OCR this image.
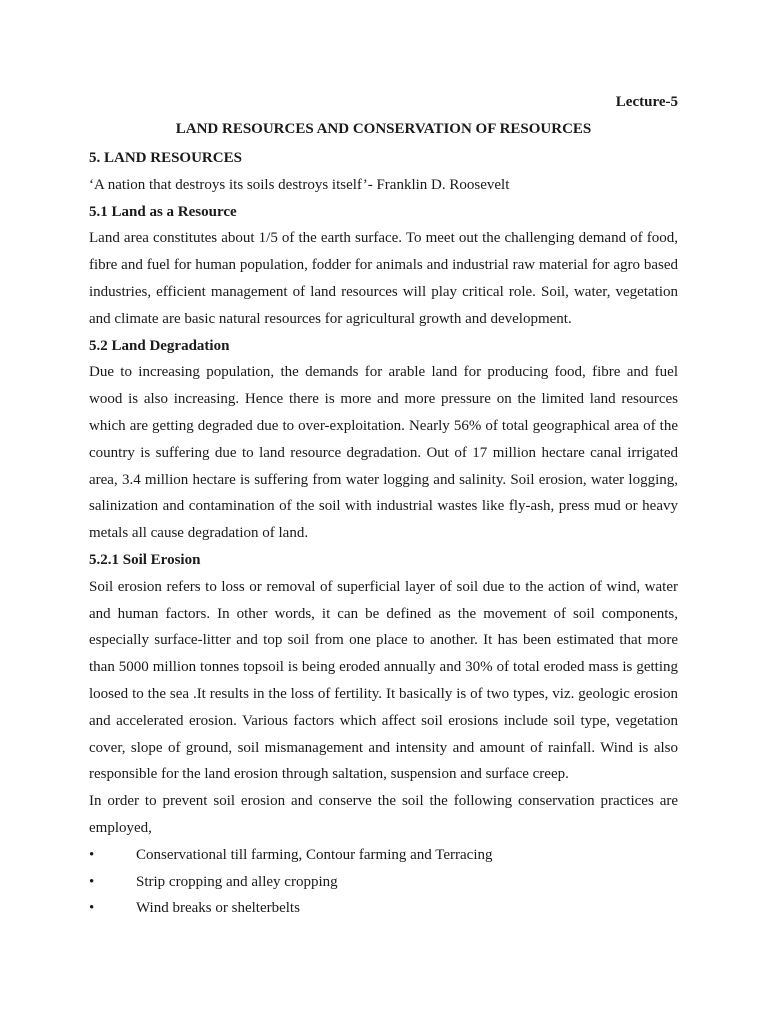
Lecture-5
LAND RESOURCES AND CONSERVATION OF RESOURCES
5. LAND RESOURCES

‘A nation that destroys its soils destroys itself’- Franklin D. Roosevelt

5.1 Land as a Resource

Land area constitutes about 1/5 of the earth surface. To meet out the challenging demand of food, fibre and fuel for human population, fodder for animals and industrial raw material for agro based industries, efficient management of land resources will play critical role. Soil, water, vegetation and climate are basic natural resources for agricultural growth and development.

5.2 Land Degradation

Due to increasing population, the demands for arable land for producing food, fibre and fuel wood is also increasing. Hence there is more and more pressure on the limited land resources which are getting degraded due to over-exploitation. Nearly 56% of total geographical area of the country is suffering due to land resource degradation. Out of 17 million hectare canal irrigated area, 3.4 million hectare is suffering from water logging and salinity. Soil erosion, water logging, salinization and contamination of the soil with industrial wastes like fly-ash, press mud or heavy metals all cause degradation of land.

5.2.1 Soil Erosion

Soil erosion refers to loss or removal of superficial layer of soil due to the action of wind, water and human factors. In other words, it can be defined as the movement of soil components, especially surface-litter and top soil from one place to another. It has been estimated that more than 5000 million tonnes topsoil is being eroded annually and 30% of total eroded mass is getting loosed to the sea .It results in the loss of fertility. It basically is of two types, viz. geologic erosion and accelerated erosion. Various factors which affect soil erosions include soil type, vegetation cover, slope of ground, soil mismanagement and intensity and amount of rainfall. Wind is also responsible for the land erosion through saltation, suspension and surface creep.

In order to prevent soil erosion and conserve the soil the following conservation practices are employed,

•	Conservational till farming, Contour farming and Terracing
•	Strip cropping and alley cropping
•	Wind breaks or shelterbelts
